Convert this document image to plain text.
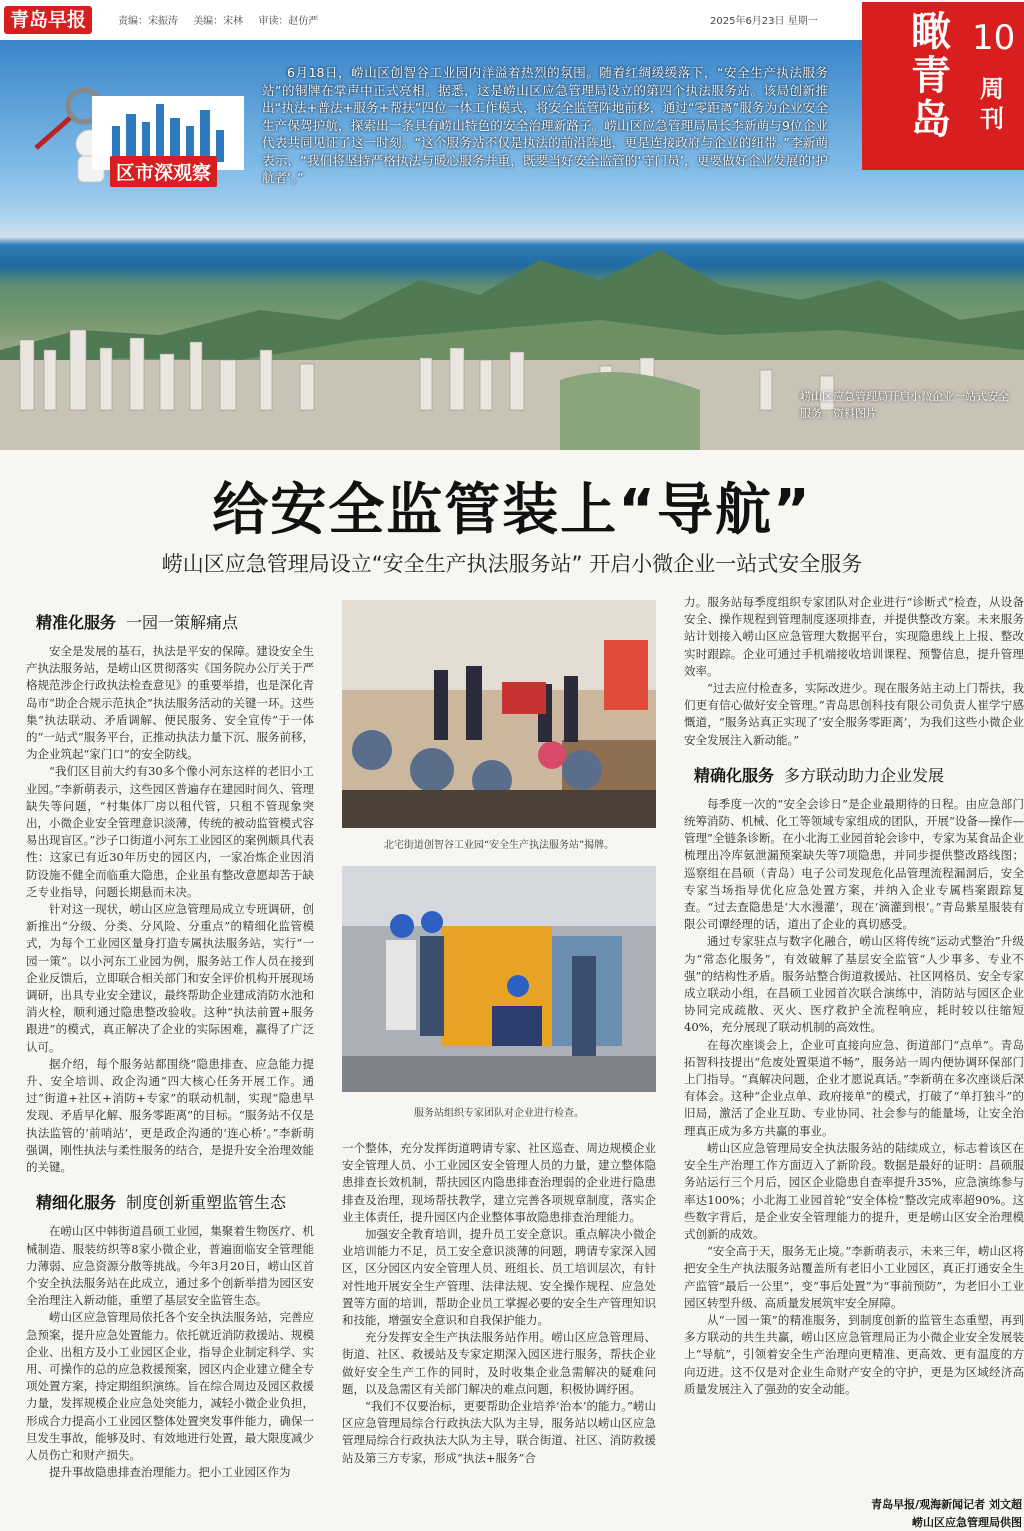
青岛早报	责编：宋振涛 美编：宋林 审读：赵仿严	2025年6月23日 星期一 瞰青岛
10
周刊
区市深观察
6月18日，崂山区创智谷工业园内洋溢着热烈的氛围。随着红绸缓缓落下，“安全生产执法服务站”的铜牌在掌声中正式亮相。据悉，这是崂山区应急管理局设立的第四个执法服务站。该局创新推出“执法+普法+服务+帮扶”四位一体工作模式，将安全监管阵地前移，通过“零距离”服务为企业安全生产保驾护航，探索出一条具有崂山特色的安全治理新路子。崂山区应急管理局局长李新萌与9位企业代表共同见证了这一时刻。“这个服务站不仅是执法的前沿阵地，更是连接政府与企业的纽带。”李新萌表示，“我们将坚持严格执法与暖心服务并重，既要当好安全监管的‘守门员’，更要做好企业发展的‘护航者’。”
崂山区应急管理局开启小微企业一站式安全服务。资料图片
给安全监管装上“导航”
崂山区应急管理局设立“安全生产执法服务站” 开启小微企业一站式安全服务
精准化服务 一园一策解痛点

安全是发展的基石，执法是平安的保障。建设安全生产执法服务站，是崂山区贯彻落实《国务院办公厅关于严格规范涉企行政执法检查意见》的重要举措，也是深化青岛市“助企合规示范执企”执法服务活动的关键一环。这些集“执法联动、矛盾调解、便民服务、安全宣传”于一体的“一站式”服务平台，正推动执法力量下沉、服务前移，为企业筑起“家门口”的安全防线。

“我们区目前大约有30多个像小河东这样的老旧小工业园。”李新萌表示，这些园区普遍存在建园时间久、管理缺失等问题，“村集体厂房以租代管，只租不管现象突出，小微企业安全管理意识淡薄，传统的被动监管模式容易出现盲区。”沙子口街道小河东工业园区的案例颇具代表性：这家已有近30年历史的园区内，一家冶炼企业因消防设施不健全而临重大隐患，企业虽有整改意愿却苦于缺乏专业指导，问题长期悬而未决。

针对这一现状，崂山区应急管理局成立专班调研，创新推出“分级、分类、分风险、分重点”的精细化监管模式，为每个工业园区量身打造专属执法服务站，实行“一园一策”。以小河东工业园为例，服务站工作人员在接到企业反馈后，立即联合相关部门和安全评价机构开展现场调研，出具专业安全建议，最终帮助企业建成消防水池和消火栓，顺利通过隐患整改验收。这种“执法前置+服务跟进”的模式，真正解决了企业的实际困难，赢得了广泛认可。

据介绍，每个服务站都围绕“隐患排查、应急能力提升、安全培训、政企沟通”四大核心任务开展工作。通过“街道+社区+消防+专家”的联动机制，实现“隐患早发现、矛盾早化解、服务零距离”的目标。“服务站不仅是执法监管的‘前哨站’，更是政企沟通的‘连心桥’。”李新萌强调，刚性执法与柔性服务的结合，是提升安全治理效能的关键。

精细化服务 制度创新重塑监管生态

在崂山区中韩街道昌硕工业园，集聚着生物医疗、机械制造、服装纺织等8家小微企业，普遍面临安全管理能力薄弱、应急资源分散等挑战。今年3月20日，崂山区首个安全执法服务站在此成立，通过多个创新举措为园区安全治理注入新动能，重塑了基层安全监管生态。

崂山区应急管理局依托各个安全执法服务站，完善应急预案，提升应急处置能力。依托就近消防救援站、规模企业、出租方及小工业园区企业，指导企业制定科学、实用、可操作的总的应急救援预案，园区内企业建立健全专项处置方案，持定期组织演练。旨在综合周边及园区救援力量，发挥规模企业应急处突能力，减轻小微企业负担，形成合力提高小工业园区整体处置突发事件能力，确保一旦发生事故，能够及时、有效地进行处置，最大限度减少人员伤亡和财产损失。

提升事故隐患排查治理能力。把小工业园区作为

北宅街道创智谷工业园“安全生产执法服务站”揭牌。
服务站组织专家团队对企业进行检查。

一个整体，充分发挥街道聘请专家、社区巡查、周边规模企业安全管理人员、小工业园区安全管理人员的力量，建立整体隐患排查长效机制，帮扶园区内隐患排查治理弱的企业进行隐患排查及治理，现场帮扶教学，建立完善各项规章制度，落实企业主体责任，提升园区内企业整体事故隐患排查治理能力。

加强安全教育培训，提升员工安全意识。重点解决小微企业培训能力不足，员工安全意识淡薄的问题，聘请专家深入园区，区分园区内安全管理人员、班组长、员工培训层次，有针对性地开展安全生产管理、法律法规、安全操作规程、应急处置等方面的培训，帮助企业员工掌握必要的安全生产管理知识和技能，增强安全意识和自我保护能力。

充分发挥安全生产执法服务站作用。崂山区应急管理局、街道、社区、救援站及专家定期深入园区进行服务，帮扶企业做好安全生产工作的同时，及时收集企业急需解决的疑难问题，以及急需区有关部门解决的难点问题，积极协调纾困。

“我们不仅要治标，更要帮助企业培养‘治本’的能力。”崂山区应急管理局综合行政执法大队为主导，服务站以崂山区应急管理局综合行政执法大队为主导，联合街道、社区、消防救援站及第三方专家，形成“执法+服务”合

力。服务站每季度组织专家团队对企业进行“诊断式”检查，从设备安全、操作规程到管理制度逐项排查，并提供整改方案。未来服务站计划接入崂山区应急管理大数据平台，实现隐患线上上报、整改实时跟踪。企业可通过手机端接收培训课程、预警信息，提升管理效率。

“过去应付检查多，实际改进少。现在服务站主动上门帮扶，我们更有信心做好安全管理。”青岛思创科技有限公司负责人崔学宁感慨道，“服务站真正实现了‘安全服务零距离’，为我们这些小微企业安全发展注入新动能。”

精确化服务 多方联动助力企业发展

每季度一次的“安全会诊日”是企业最期待的日程。由应急部门统筹消防、机械、化工等领域专家组成的团队，开展“设备—操作—管理”全链条诊断。在小北海工业园首轮会诊中，专家为某食品企业梳理出冷库氨泄漏预案缺失等7项隐患，并同步提供整改路线图；巡察组在昌硕（青岛）电子公司发现危化品管理流程漏洞后，安全专家当场指导优化应急处置方案，并纳入企业专属档案跟踪复查。“过去查隐患是‘大水漫灌’，现在‘滴灌到根’。”青岛紫星服装有限公司谭经理的话，道出了企业的真切感受。

通过专家驻点与数字化融合，崂山区将传统“运动式整治”升级为“常态化服务”，有效破解了基层安全监管“人少事多、专业不强”的结构性矛盾。服务站整合街道救援站、社区网格员、安全专家成立联动小组，在昌硕工业园首次联合演练中，消防站与园区企业协同完成疏散、灭火、医疗救护全流程响应，耗时较以往缩短40%，充分展现了联动机制的高效性。

在每次座谈会上，企业可直接向应急、街道部门“点单”。青岛拓智科技提出“危废处置渠道不畅”，服务站一周内便协调环保部门上门指导。“真解决问题，企业才愿说真话。”李新萌在多次座谈后深有体会。这种“企业点单、政府接单”的模式，打破了“单打独斗”的旧局，激活了企业互助、专业协同、社会参与的能量场，让安全治理真正成为多方共赢的事业。

崂山区应急管理局安全执法服务站的陆续成立，标志着该区在安全生产治理工作方面迈入了新阶段。数据是最好的证明：昌硕服务站运行三个月后，园区企业隐患自查率提升35%，应急演练参与率达100%；小北海工业园首轮“安全体检”整改完成率超90%。这些数字背后，是企业安全管理能力的提升，更是崂山区安全治理模式创新的成效。

“安全高于天，服务无止境。”李新萌表示，未来三年，崂山区将把安全生产执法服务站覆盖所有老旧小工业园区，真正打通安全生产监管“最后一公里”，变“事后处置”为“事前预防”，为老旧小工业园区转型升级、高质量发展筑牢安全屏障。

从“一园一策”的精准服务，到制度创新的监管生态重塑，再到多方联动的共生共赢，崂山区应急管理局正为小微企业安全发展装上“导航”，引领着安全生产治理向更精准、更高效、更有温度的方向迈进。这不仅是对企业生命财产安全的守护，更是为区域经济高质量发展注入了强劲的安全动能。

青岛早报/观海新闻记者 刘文超
崂山区应急管理局供图
